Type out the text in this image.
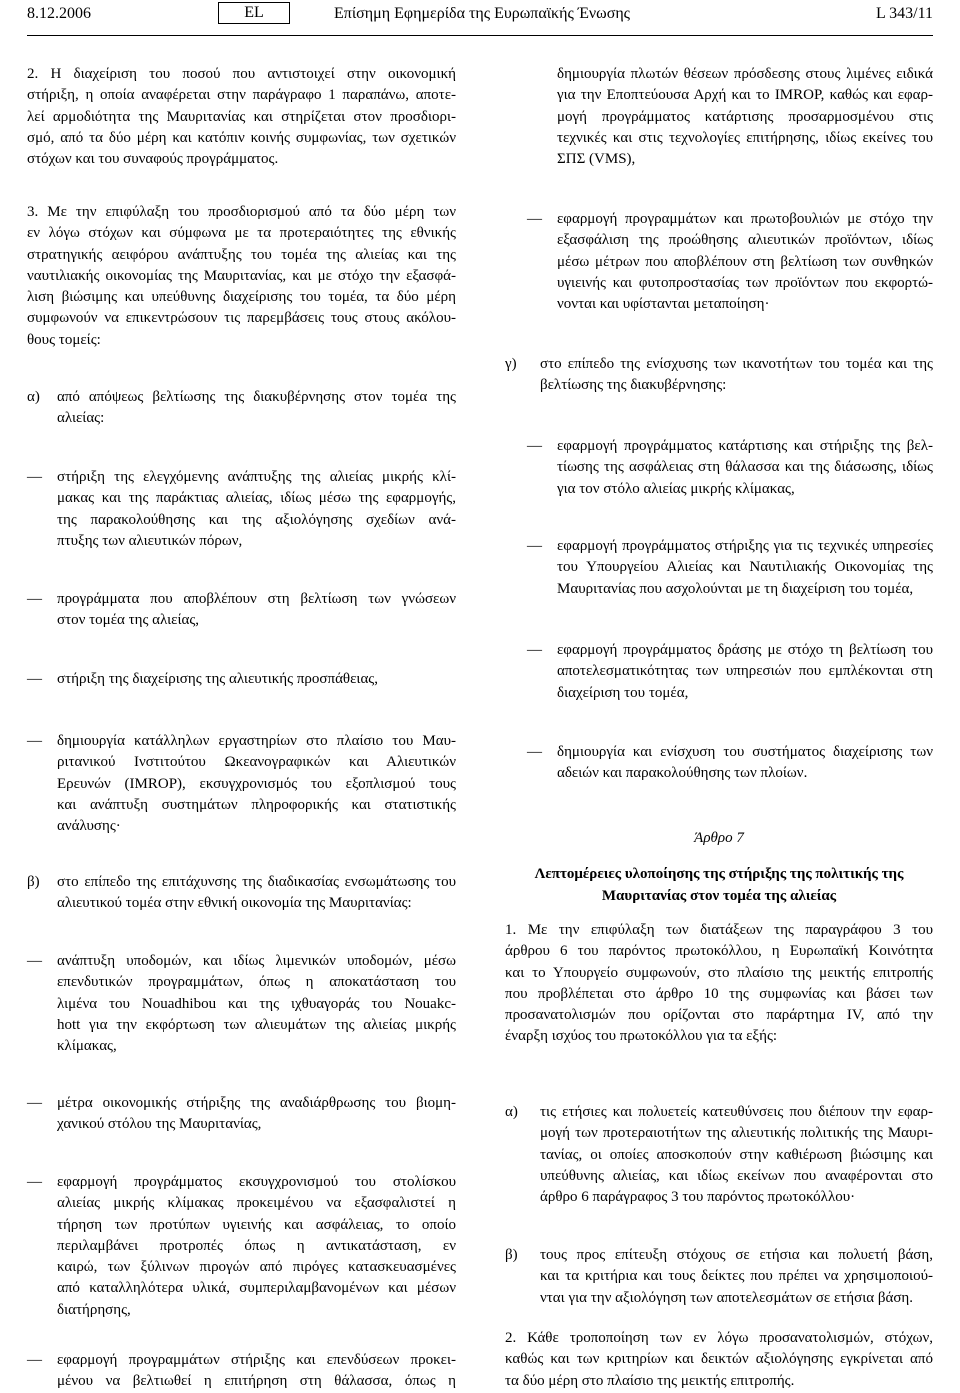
8.12.2006	EL	Επίσημη Εφημερίδα της Ευρωπαϊκής Ένωσης	L 343/11
2. Η διαχείριση του ποσού που αντιστοιχεί στην οικονομική
στήριξη, η οποία αναφέρεται στην παράγραφο 1 παραπάνω, αποτε-
λεί αρμοδιότητα της Μαυριτανίας και στηρίζεται στον προσδιορι-
σμό, από τα δύο μέρη και κατόπιν κοινής συμφωνίας, των σχετικών
στόχων και του συναφούς προγράμματος.
3. Με την επιφύλαξη του προσδιορισμού από τα δύο μέρη των
εν λόγω στόχων και σύμφωνα με τα προτεραιότητες της εθνικής
στρατηγικής αειφόρου ανάπτυξης του τομέα της αλιείας και της
ναυτιλιακής οικονομίας της Μαυριτανίας, και με στόχο την εξασφά-
λιση βιώσιμης και υπεύθυνης διαχείρισης του τομέα, τα δύο μέρη
συμφωνούν να επικεντρώσουν τις παρεμβάσεις τους στους ακόλου-
θους τομείς:
α) από απόψεως βελτίωσης της διακυβέρνησης στον τομέα της
αλιείας:
— στήριξη της ελεγχόμενης ανάπτυξης της αλιείας μικρής κλί-
μακας και της παράκτιας αλιείας, ιδίως μέσω της εφαρμογής,
της παρακολούθησης και της αξιολόγησης σχεδίων ανά-
πτυξης των αλιευτικών πόρων,
— προγράμματα που αποβλέπουν στη βελτίωση των γνώσεων
στον τομέα της αλιείας,
— στήριξη της διαχείρισης της αλιευτικής προσπάθειας,
— δημιουργία κατάλληλων εργαστηρίων στο πλαίσιο του Μαυ-
ριτανικού Ινστιτούτου Ωκεανογραφικών και Αλιευτικών
Ερευνών (IMROP), εκσυγχρονισμός του εξοπλισμού τους
και ανάπτυξη συστημάτων πληροφορικής και στατιστικής
ανάλυσης·
β) στο επίπεδο της επιτάχυνσης της διαδικασίας ενσωμάτωσης του
αλιευτικού τομέα στην εθνική οικονομία της Μαυριτανίας:
— ανάπτυξη υποδομών, και ιδίως λιμενικών υποδομών, μέσω
επενδυτικών προγραμμάτων, όπως η αποκατάσταση του
λιμένα του Nouadhibou και της ιχθυαγοράς του Nouakc-
hott για την εκφόρτωση των αλιευμάτων της αλιείας μικρής
κλίμακας,
— μέτρα οικονομικής στήριξης της αναδιάρθρωσης του βιομη-
χανικού στόλου της Μαυριτανίας,
— εφαρμογή προγράμματος εκσυγχρονισμού του στολίσκου
αλιείας μικρής κλίμακας προκειμένου να εξασφαλιστεί η
τήρηση των προτύπων υγιεινής και ασφάλειας, το οποίο
περιλαμβάνει προτροπές όπως η αντικατάσταση, εν
καιρώ, των ξύλινων πιρογών από πιρόγες κατασκευασμένες
από καταλληλότερα υλικά, συμπεριλαμβανομένων και μέσων
διατήρησης,
— εφαρμογή προγραμμάτων στήριξης και επενδύσεων προκει-
μένου να βελτιωθεί η επιτήρηση στη θάλασσα, όπως η
δημιουργία πλωτών θέσεων πρόσδεσης στους λιμένες ειδικά
για την Εποπτεύουσα Αρχή και το IMROP, καθώς και εφαρ-
μογή προγράμματος κατάρτισης προσαρμοσμένου στις
τεχνικές και στις τεχνολογίες επιτήρησης, ιδίως εκείνες του
ΣΠΣ (VMS),
— εφαρμογή προγραμμάτων και πρωτοβουλιών με στόχο την
εξασφάλιση της προώθησης αλιευτικών προϊόντων, ιδίως
μέσω μέτρων που αποβλέπουν στη βελτίωση των συνθηκών
υγιεινής και φυτοπροστασίας των προϊόντων που εκφορτώ-
νονται και υφίστανται μεταποίηση·
γ) στο επίπεδο της ενίσχυσης των ικανοτήτων του τομέα και της
βελτίωσης της διακυβέρνησης:
— εφαρμογή προγράμματος κατάρτισης και στήριξης της βελ-
τίωσης της ασφάλειας στη θάλασσα και της διάσωσης, ιδίως
για τον στόλο αλιείας μικρής κλίμακας,
— εφαρμογή προγράμματος στήριξης για τις τεχνικές υπηρεσίες
του Υπουργείου Αλιείας και Ναυτιλιακής Οικονομίας της
Μαυριτανίας που ασχολούνται με τη διαχείριση του τομέα,
— εφαρμογή προγράμματος δράσης με στόχο τη βελτίωση του
αποτελεσματικότητας των υπηρεσιών που εμπλέκονται στη
διαχείριση του τομέα,
— δημιουργία και ενίσχυση του συστήματος διαχείρισης των
αδειών και παρακολούθησης των πλοίων.
Άρθρο 7
Λεπτομέρειες υλοποίησης της στήριξης της πολιτικής της
Μαυριτανίας στον τομέα της αλιείας
1. Με την επιφύλαξη των διατάξεων της παραγράφου 3 του
άρθρου 6 του παρόντος πρωτοκόλλου, η Ευρωπαϊκή Κοινότητα
και το Υπουργείο συμφωνούν, στο πλαίσιο της μεικτής επιτροπής
που προβλέπεται στο άρθρο 10 της συμφωνίας και βάσει των
προσανατολισμών που ορίζονται στο παράρτημα IV, από την
έναρξη ισχύος του πρωτοκόλλου για τα εξής:
α) τις ετήσιες και πολυετείς κατευθύνσεις που διέπουν την εφαρ-
μογή των προτεραιοτήτων της αλιευτικής πολιτικής της Μαυρι-
τανίας, οι οποίες αποσκοπούν στην καθιέρωση βιώσιμης και
υπεύθυνης αλιείας, και ιδίως εκείνων που αναφέρονται στο
άρθρο 6 παράγραφος 3 του παρόντος πρωτοκόλλου·
β) τους προς επίτευξη στόχους σε ετήσια και πολυετή βάση,
και τα κριτήρια και τους δείκτες που πρέπει να χρησιμοποιού-
νται για την αξιολόγηση των αποτελεσμάτων σε ετήσια βάση.
2. Κάθε τροποποίηση των εν λόγω προσανατολισμών, στόχων,
καθώς και των κριτηρίων και δεικτών αξιολόγησης εγκρίνεται από
τα δύο μέρη στο πλαίσιο της μεικτής επιτροπής.
